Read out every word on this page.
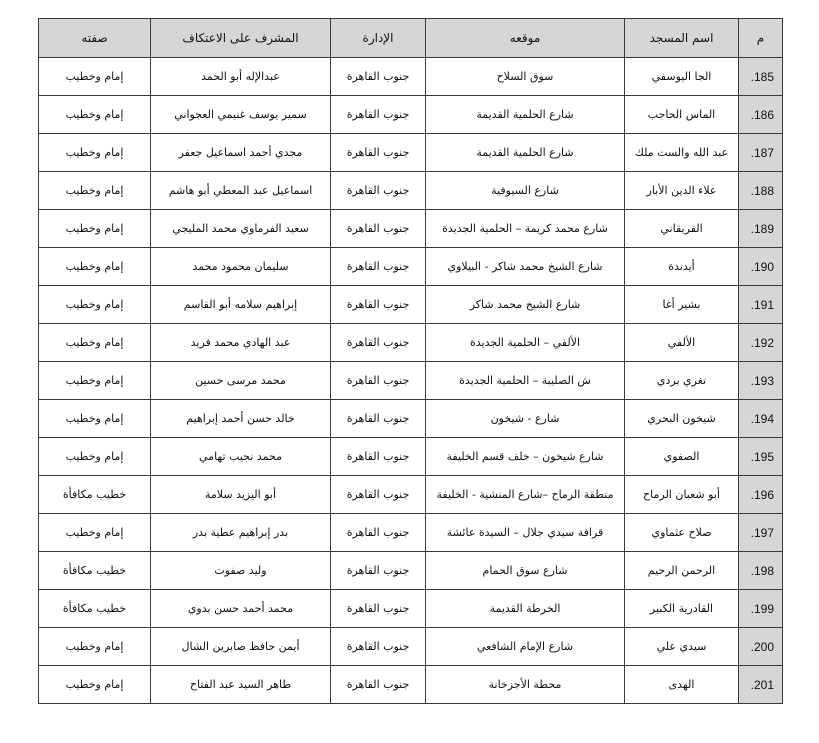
م	اسم المسجد	موقعه	الإدارة	المشرف على الاعتكاف	صفته
.185	الجا اليوسفي	سوق السلاح	جنوب القاهرة	عبدالإله أبو الحمد	إمام وخطيب
.186	الماس الحاجب	شارع الحلمية القديمة	جنوب القاهرة	سمير يوسف غنيمي العجواني	إمام وخطيب
.187	عبد الله والست ملك	شارع الحلمية القديمة	جنوب القاهرة	مجدي أحمد اسماعيل جعفر	إمام وخطيب
.188	علاء الدين الأبار	شارع السيوفية	جنوب القاهرة	اسماعيل عبد المعطي أبو هاشم	إمام وخطيب
.189	الفريقاني	شارع محمد كريمة – الحلمية الجديدة	جنوب القاهرة	سعيد الفرماوي محمد المليجي	إمام وخطيب
.190	أيدندة	شارع الشيخ محمد شاكر - البيلاوي	جنوب القاهرة	سليمان محمود محمد	إمام وخطيب
.191	بشير أغا	شارع الشيخ محمد شاكر	جنوب القاهرة	إبراهيم سلامه أبو القاسم	إمام وخطيب
.192	الألفي	الألفي – الحلمية الجديدة	جنوب القاهرة	عبد الهادي محمد فريد	إمام وخطيب
.193	تغري بردي	ش الصليبة – الحلمية الجديدة	جنوب القاهرة	محمد مرسى حسين	إمام وخطيب
.194	شيخون البحري	شارع - شيخون	جنوب القاهرة	خالد حسن أحمد إبراهيم	إمام وخطيب
.195	الصفوي	شارع شيخون – خلف قسم الخليفة	جنوب القاهرة	محمد نجيب تهامي	إمام وخطيب
.196	أبو شعبان الرماح	منطقة الرماح –شارع المنشية - الخليفة	جنوب القاهرة	أبو اليزيد سلامة	خطيب مكافأة
.197	صلاح عثماوي	قرافة سيدي جلال – السيدة عائشة	جنوب القاهرة	بدر إبراهيم عطية بدر	إمام وخطيب
.198	الرحمن الرحيم	شارع سوق الحمام	جنوب القاهرة	وليد صفوت	خطيب مكافأة
.199	القادرية الكبير	الخرطة القديمة	جنوب القاهرة	محمد أحمد حسن بدوي	خطيب مكافأة
.200	سيدي علي	شارع الإمام الشافعي	جنوب القاهرة	أيمن حافظ صابرين الشال	إمام وخطيب
.201	الهدى	محطة الأجزخانة	جنوب القاهرة	طاهر السيد عبد الفتاح	إمام وخطيب
